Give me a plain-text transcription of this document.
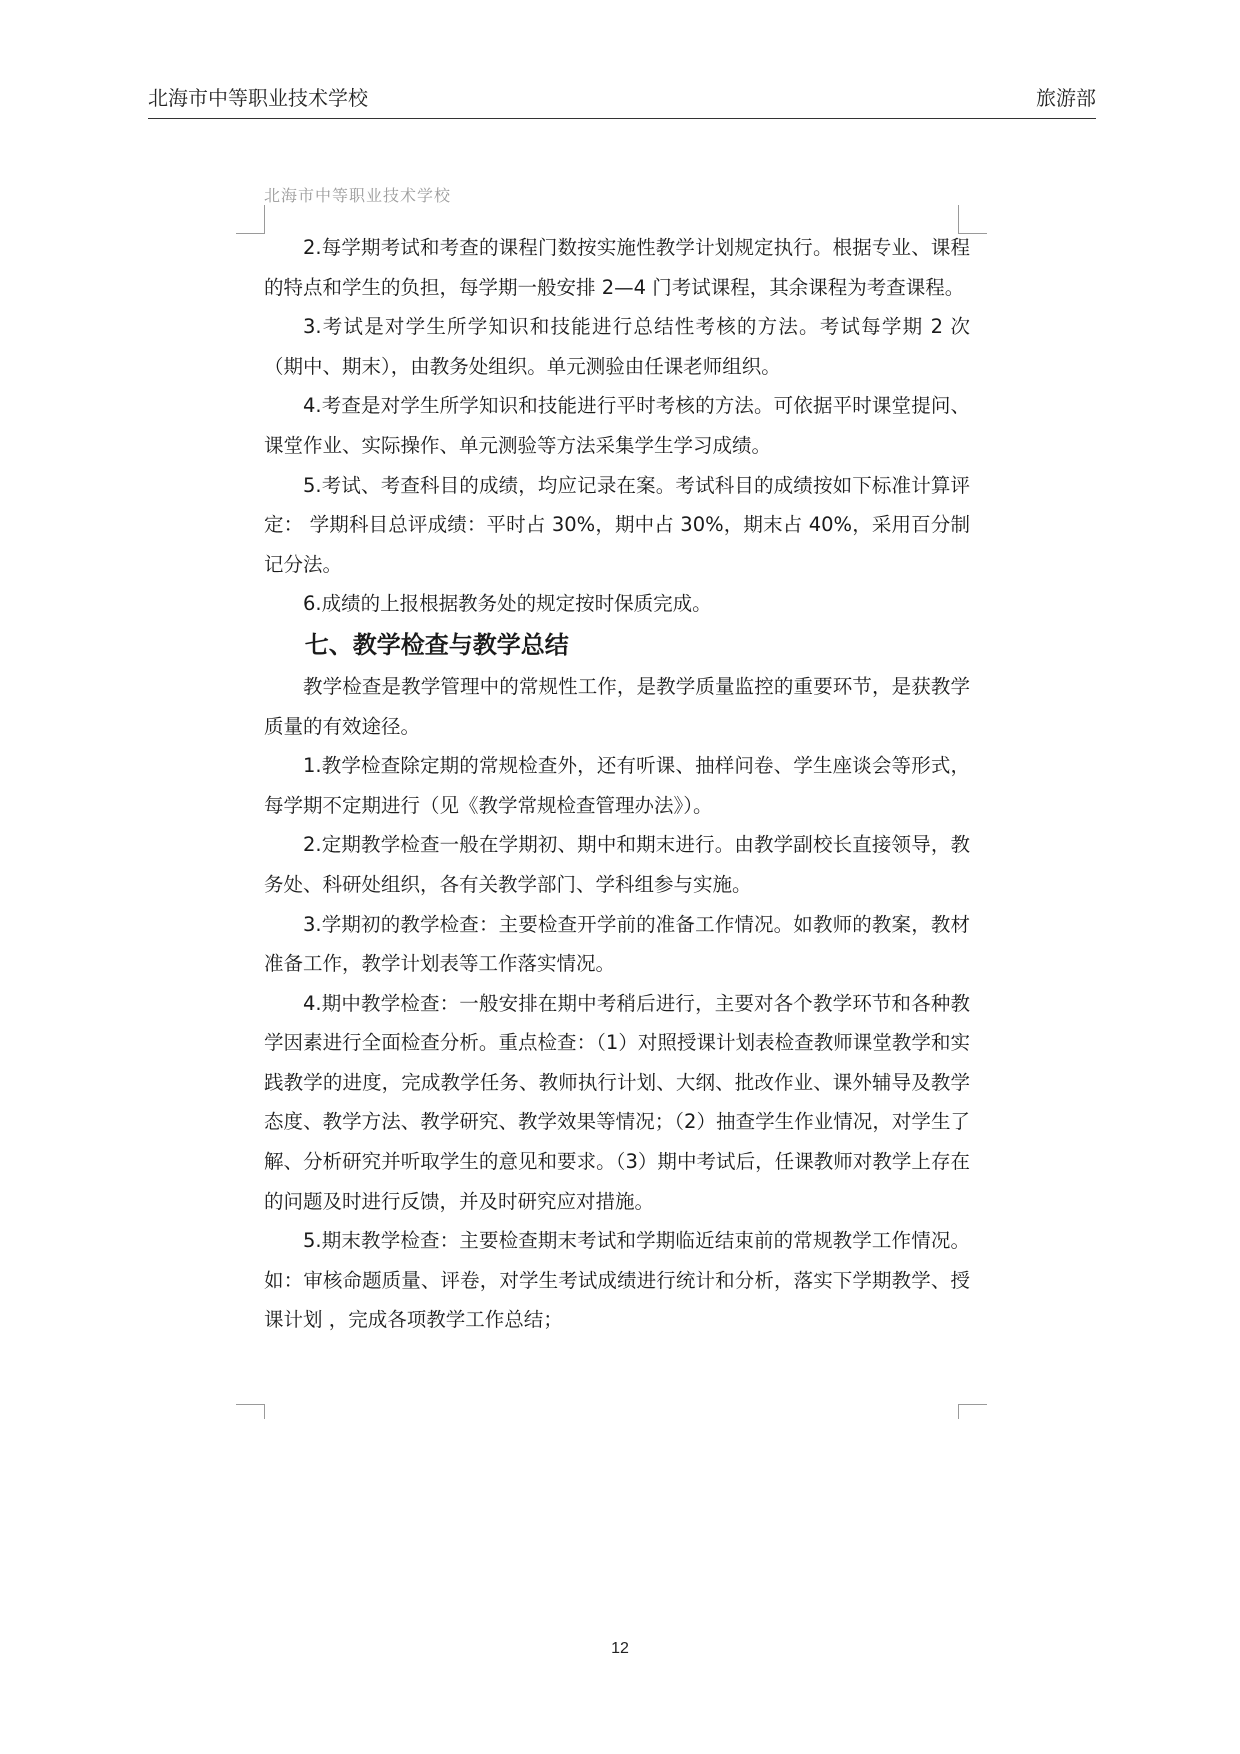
北海市中等职业技术学校	旅游部
北海市中等职业技术学校

2.每学期考试和考查的课程门数按实施性教学计划规定执行。根据专业、课程的特点和学生的负担，每学期一般安排 2—4 门考试课程，其余课程为考查课程。

3.考试是对学生所学知识和技能进行总结性考核的方法。考试每学期 2 次（期中、期末），由教务处组织。单元测验由任课老师组织。

4.考查是对学生所学知识和技能进行平时考核的方法。可依据平时课堂提问、课堂作业、实际操作、单元测验等方法采集学生学习成绩。

5.考试、考查科目的成绩，均应记录在案。考试科目的成绩按如下标准计算评定： 学期科目总评成绩：平时占 30%，期中占 30%，期末占 40%，采用百分制记分法。

6.成绩的上报根据教务处的规定按时保质完成。

七、教学检查与教学总结

教学检查是教学管理中的常规性工作，是教学质量监控的重要环节，是获教学质量的有效途径。

1.教学检查除定期的常规检查外，还有听课、抽样问卷、学生座谈会等形式，每学期不定期进行（见《教学常规检查管理办法》）。

2.定期教学检查一般在学期初、期中和期末进行。由教学副校长直接领导，教务处、科研处组织，各有关教学部门、学科组参与实施。

3.学期初的教学检查：主要检查开学前的准备工作情况。如教师的教案，教材准备工作，教学计划表等工作落实情况。

4.期中教学检查：一般安排在期中考稍后进行，主要对各个教学环节和各种教学因素进行全面检查分析。重点检查：（1）对照授课计划表检查教师课堂教学和实践教学的进度，完成教学任务、教师执行计划、大纲、批改作业、课外辅导及教学态度、教学方法、教学研究、教学效果等情况；（2）抽查学生作业情况，对学生了解、分析研究并听取学生的意见和要求。（3）期中考试后，任课教师对教学上存在的问题及时进行反馈，并及时研究应对措施。

5.期末教学检查：主要检查期末考试和学期临近结束前的常规教学工作情况。如：审核命题质量、评卷，对学生考试成绩进行统计和分析，落实下学期教学、授课计划 ，完成各项教学工作总结；

12
